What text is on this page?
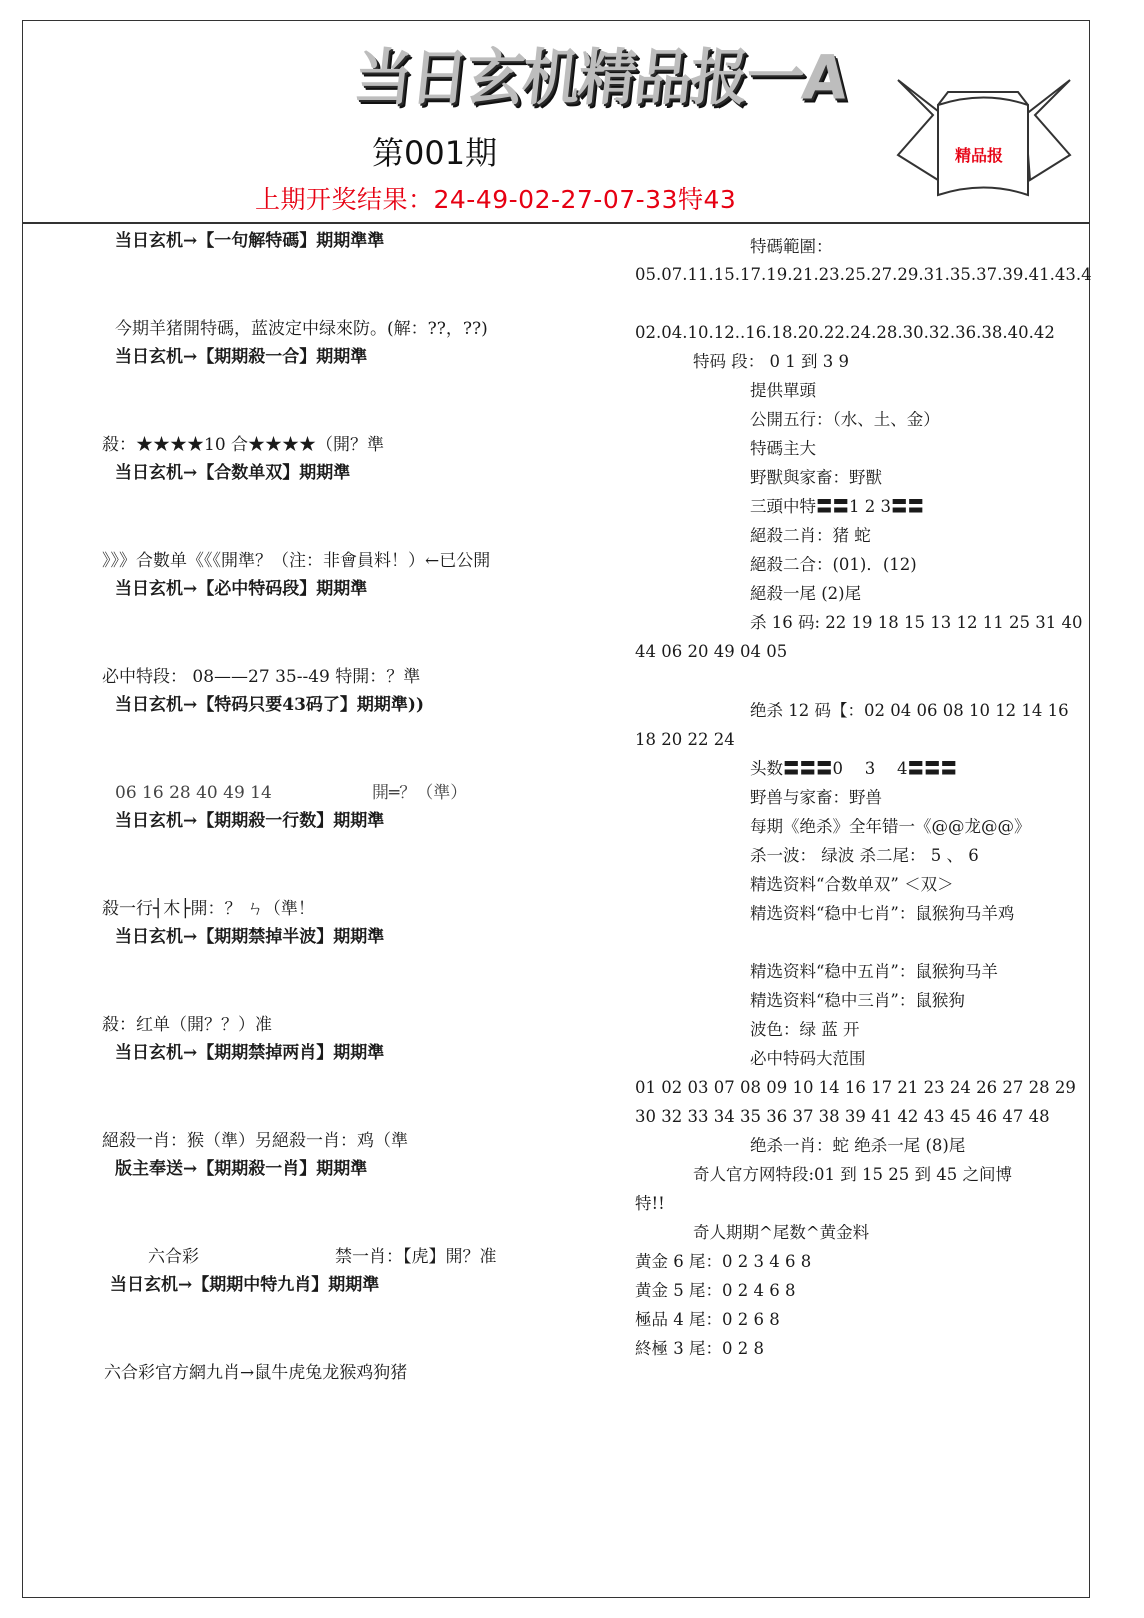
当日玄机精品报一A
精品报
第001期
上期开奖结果：24-49-02-27-07-33特43
当日玄机→【一句解特碼】期期準準
今期羊猪開特碼，蓝波定中绿來防。(解：??，??)
当日玄机→【期期殺一合】期期準
殺：★★★★10 合★★★★（開？準
当日玄机→【合数单双】期期準
》》》合數单《《《開準？（注：非會員料！）←已公開
当日玄机→【必中特码段】期期準
必中特段： 08——27 35--49 特開：？準
当日玄机→【特码只要43码了】期期準))
06 16 28 40 49 14	開═？（準）
当日玄机→【期期殺一行数】期期準
殺一行┤木├開：？ ㄣ（準！
当日玄机→【期期禁掉半波】期期準
殺：红单（開？？）准
当日玄机→【期期禁掉两肖】期期準
絕殺一肖：猴（準）另絕殺一肖：鸡（準
版主奉送→【期期殺一肖】期期準
六合彩	禁一肖：【虎】開？准
当日玄机→【期期中特九肖】期期準
六合彩官方網九肖→鼠牛虎兔龙猴鸡狗猪
特碼範圍：
05.07.11.15.17.19.21.23.25.27.29.31.35.37.39.41.43.4
02.04.10.12..16.18.20.22.24.28.30.32.36.38.40.42
特码 段： 0 1 到 3 9
提供單頭
公開五行：（水、土、金）
特碼主大
野獸與家畜：野獸
三頭中特〓〓1 2 3〓〓
絕殺二肖：猪 蛇
絕殺二合：(01)．(12)
絕殺一尾 (2)尾
杀 16 码: 22 19 18 15 13 12 11 25 31 40
44 06 20 49 04 05
绝杀 12 码【：02 04 06 08 10 12 14 16
18 20 22 24
头数〓〓〓0　 3　 4〓〓〓
野兽与家畜：野兽
每期《绝杀》全年错一《@@龙@@》
杀一波： 绿波 杀二尾： 5 、 6
精选资料“合数单双” ＜双＞
精选资料“稳中七肖”：鼠猴狗马羊鸡
精选资料“稳中五肖”：鼠猴狗马羊
精选资料“稳中三肖”：鼠猴狗
波色：绿 蓝 开
必中特码大范围
01 02 03 07 08 09 10 14 16 17 21 23 24 26 27 28 29
30 32 33 34 35 36 37 38 39 41 42 43 45 46 47 48
绝杀一肖：蛇 绝杀一尾 (8)尾
奇人官方网特段:01 到 15 25 到 45 之间博
特!!
奇人期期^尾数^黄金料
黄金 6 尾：0 2 3 4 6 8
黄金 5 尾：0 2 4 6 8
極品 4 尾：0 2 6 8
終極 3 尾：0 2 8
